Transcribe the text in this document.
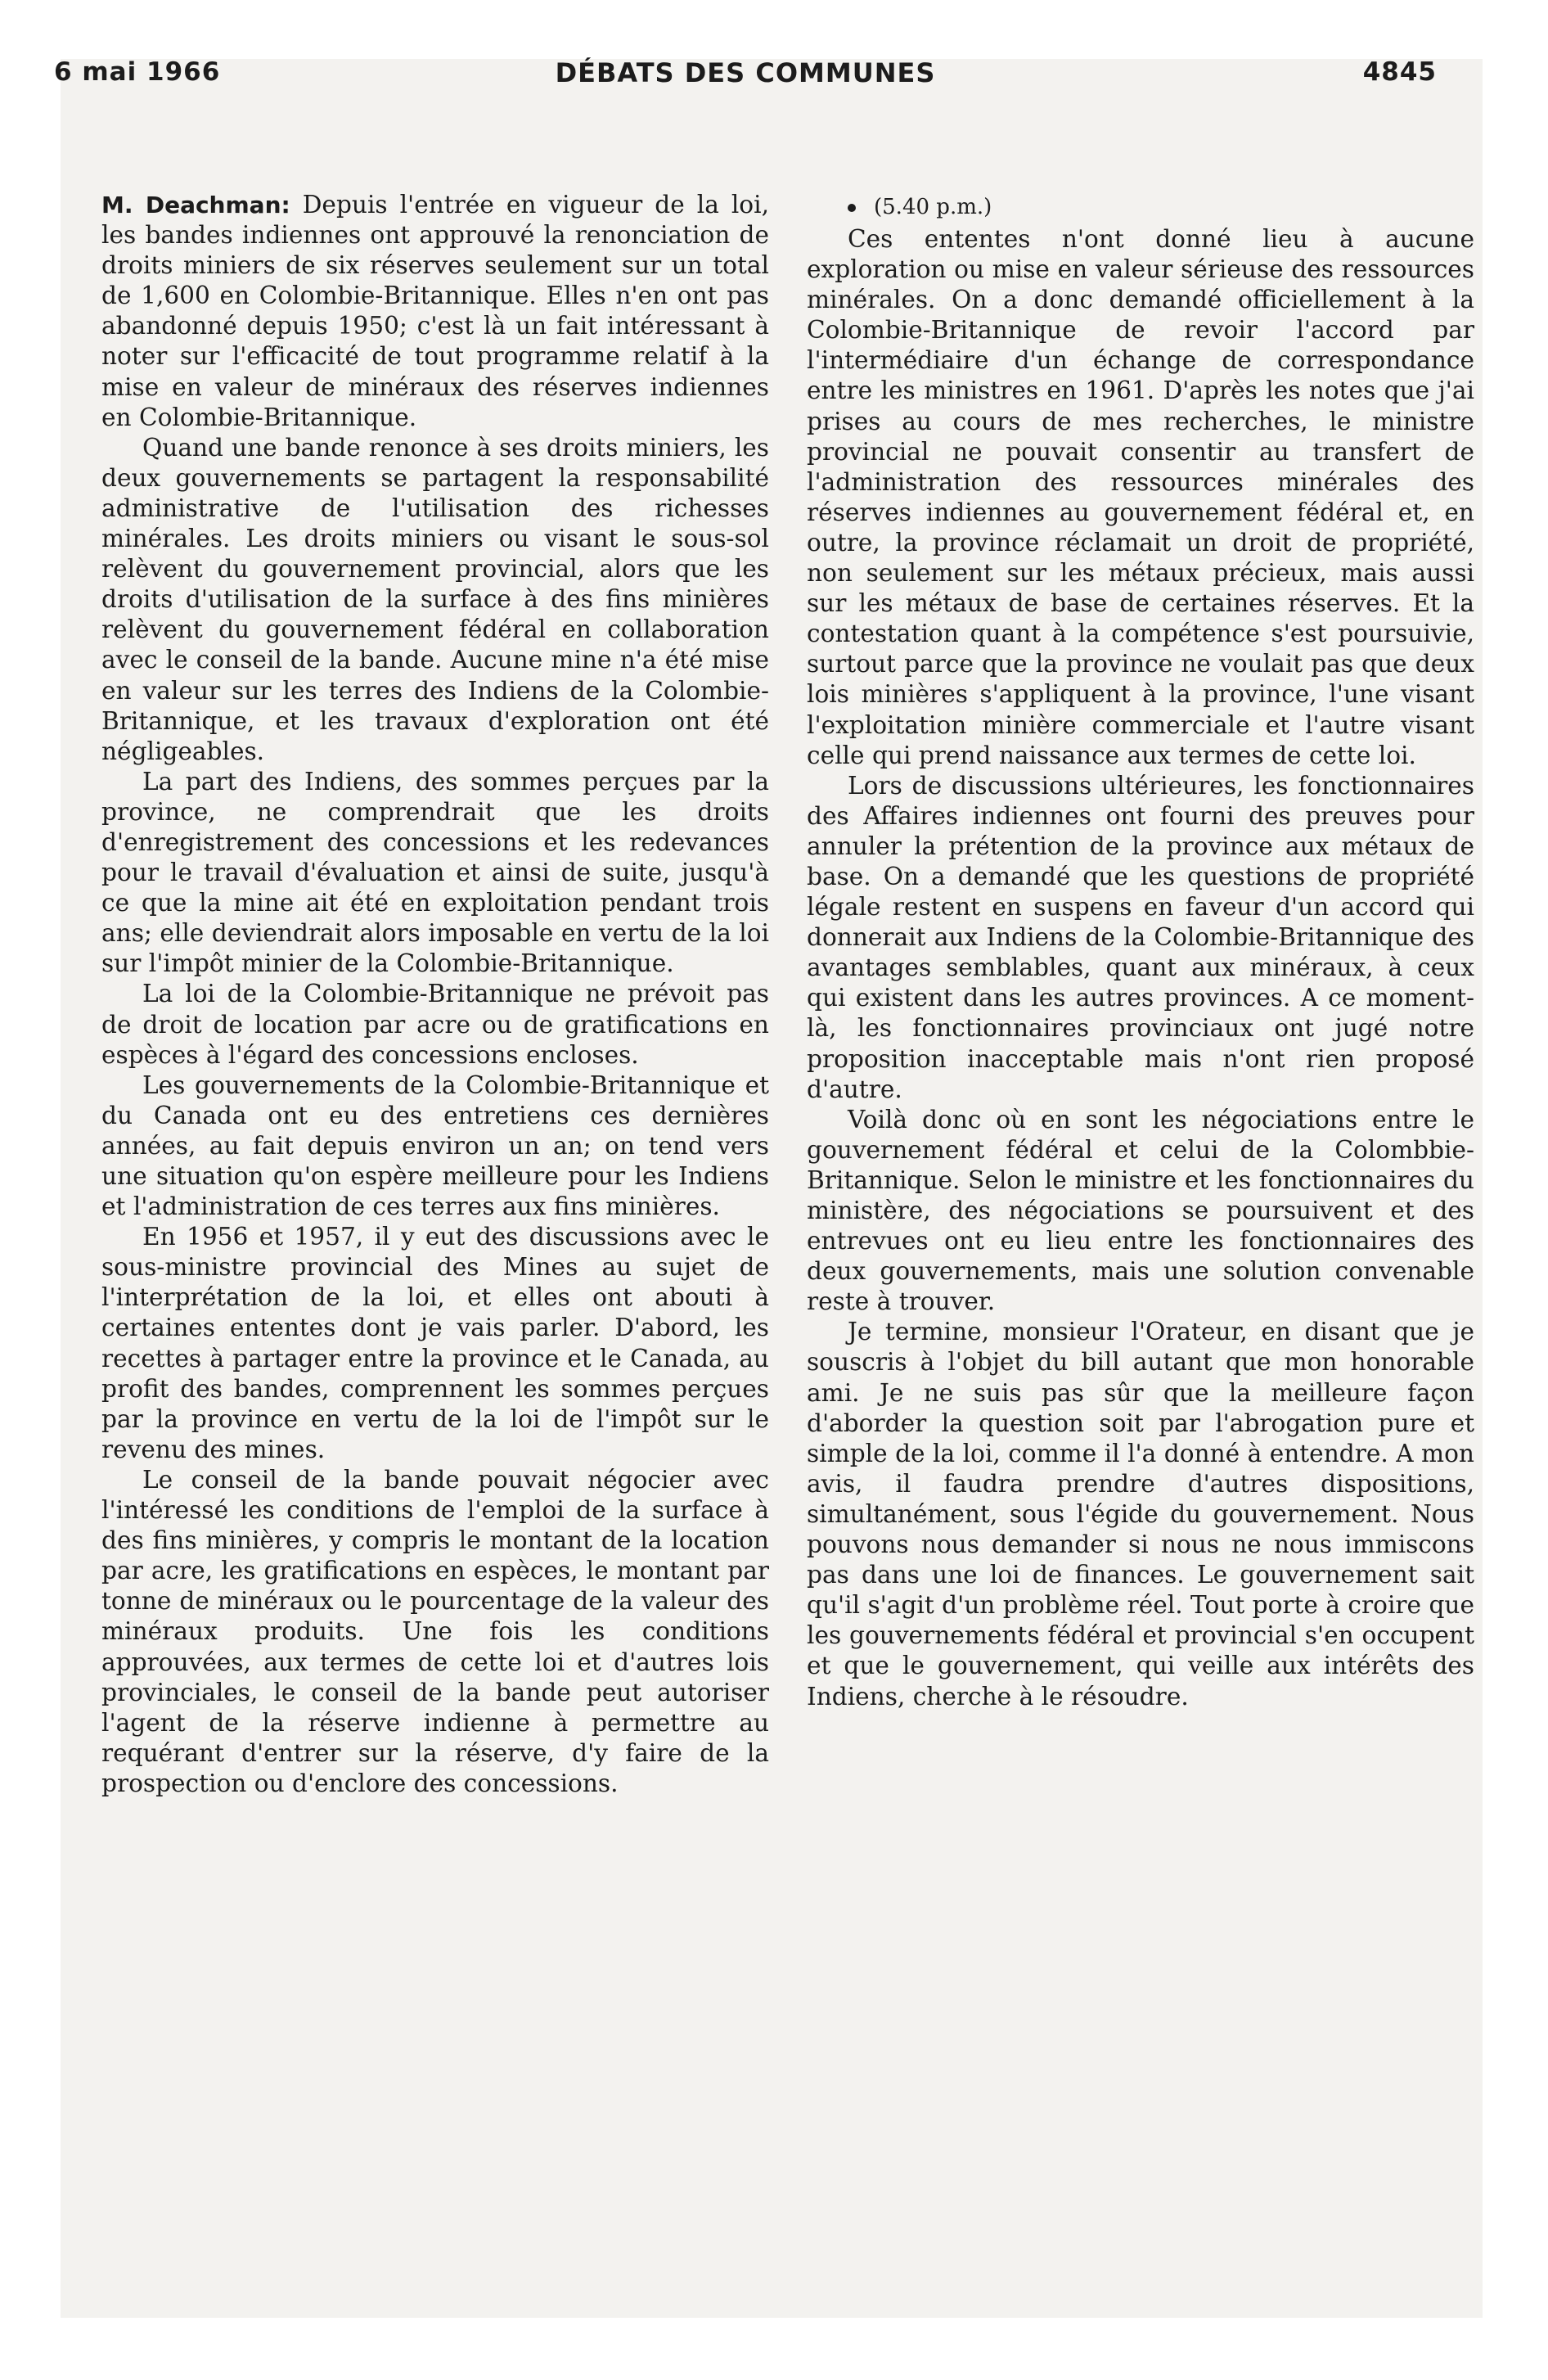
6 mai 1966	DÉBATS DES COMMUNES	4845

M. Deachman: Depuis l'entrée en vigueur de la loi, les bandes indiennes ont approuvé la renonciation de droits miniers de six réserves seulement sur un total de 1,600 en Colombie-Britannique. Elles n'en ont pas abandonné depuis 1950; c'est là un fait intéressant à noter sur l'efficacité de tout programme relatif à la mise en valeur de minéraux des réserves indiennes en Colombie-Britannique.

Quand une bande renonce à ses droits miniers, les deux gouvernements se partagent la responsabilité administrative de l'utilisation des richesses minérales. Les droits miniers ou visant le sous-sol relèvent du gouvernement provincial, alors que les droits d'utilisation de la surface à des fins minières relèvent du gouvernement fédéral en collaboration avec le conseil de la bande. Aucune mine n'a été mise en valeur sur les terres des Indiens de la Colombie-Britannique, et les travaux d'exploration ont été négligeables.

La part des Indiens, des sommes perçues par la province, ne comprendrait que les droits d'enregistrement des concessions et les redevances pour le travail d'évaluation et ainsi de suite, jusqu'à ce que la mine ait été en exploitation pendant trois ans; elle deviendrait alors imposable en vertu de la loi sur l'impôt minier de la Colombie-Britannique.

La loi de la Colombie-Britannique ne prévoit pas de droit de location par acre ou de gratifications en espèces à l'égard des concessions encloses.

Les gouvernements de la Colombie-Britannique et du Canada ont eu des entretiens ces dernières années, au fait depuis environ un an; on tend vers une situation qu'on espère meilleure pour les Indiens et l'administration de ces terres aux fins minières.

En 1956 et 1957, il y eut des discussions avec le sous-ministre provincial des Mines au sujet de l'interprétation de la loi, et elles ont abouti à certaines ententes dont je vais parler. D'abord, les recettes à partager entre la province et le Canada, au profit des bandes, comprennent les sommes perçues par la province en vertu de la loi de l'impôt sur le revenu des mines.

Le conseil de la bande pouvait négocier avec l'intéressé les conditions de l'emploi de la surface à des fins minières, y compris le montant de la location par acre, les gratifications en espèces, le montant par tonne de minéraux ou le pourcentage de la valeur des minéraux produits. Une fois les conditions approuvées, aux termes de cette loi et d'autres lois provinciales, le conseil de la bande peut autoriser l'agent de la réserve indienne à permettre au requérant d'entrer sur la réserve, d'y faire de la prospection ou d'enclore des concessions.

(5.40 p.m.)

Ces ententes n'ont donné lieu à aucune exploration ou mise en valeur sérieuse des ressources minérales. On a donc demandé officiellement à la Colombie-Britannique de revoir l'accord par l'intermédiaire d'un échange de correspondance entre les ministres en 1961. D'après les notes que j'ai prises au cours de mes recherches, le ministre provincial ne pouvait consentir au transfert de l'administration des ressources minérales des réserves indiennes au gouvernement fédéral et, en outre, la province réclamait un droit de propriété, non seulement sur les métaux précieux, mais aussi sur les métaux de base de certaines réserves. Et la contestation quant à la compétence s'est poursuivie, surtout parce que la province ne voulait pas que deux lois minières s'appliquent à la province, l'une visant l'exploitation minière commerciale et l'autre visant celle qui prend naissance aux termes de cette loi.

Lors de discussions ultérieures, les fonctionnaires des Affaires indiennes ont fourni des preuves pour annuler la prétention de la province aux métaux de base. On a demandé que les questions de propriété légale restent en suspens en faveur d'un accord qui donnerait aux Indiens de la Colombie-Britannique des avantages semblables, quant aux minéraux, à ceux qui existent dans les autres provinces. A ce moment-là, les fonctionnaires provinciaux ont jugé notre proposition inacceptable mais n'ont rien proposé d'autre.

Voilà donc où en sont les négociations entre le gouvernement fédéral et celui de la Colombbie-Britannique. Selon le ministre et les fonctionnaires du ministère, des négociations se poursuivent et des entrevues ont eu lieu entre les fonctionnaires des deux gouvernements, mais une solution convenable reste à trouver.

Je termine, monsieur l'Orateur, en disant que je souscris à l'objet du bill autant que mon honorable ami. Je ne suis pas sûr que la meilleure façon d'aborder la question soit par l'abrogation pure et simple de la loi, comme il l'a donné à entendre. A mon avis, il faudra prendre d'autres dispositions, simultanément, sous l'égide du gouvernement. Nous pouvons nous demander si nous ne nous immiscons pas dans une loi de finances. Le gouvernement sait qu'il s'agit d'un problème réel. Tout porte à croire que les gouvernements fédéral et provincial s'en occupent et que le gouvernement, qui veille aux intérêts des Indiens, cherche à le résoudre.
